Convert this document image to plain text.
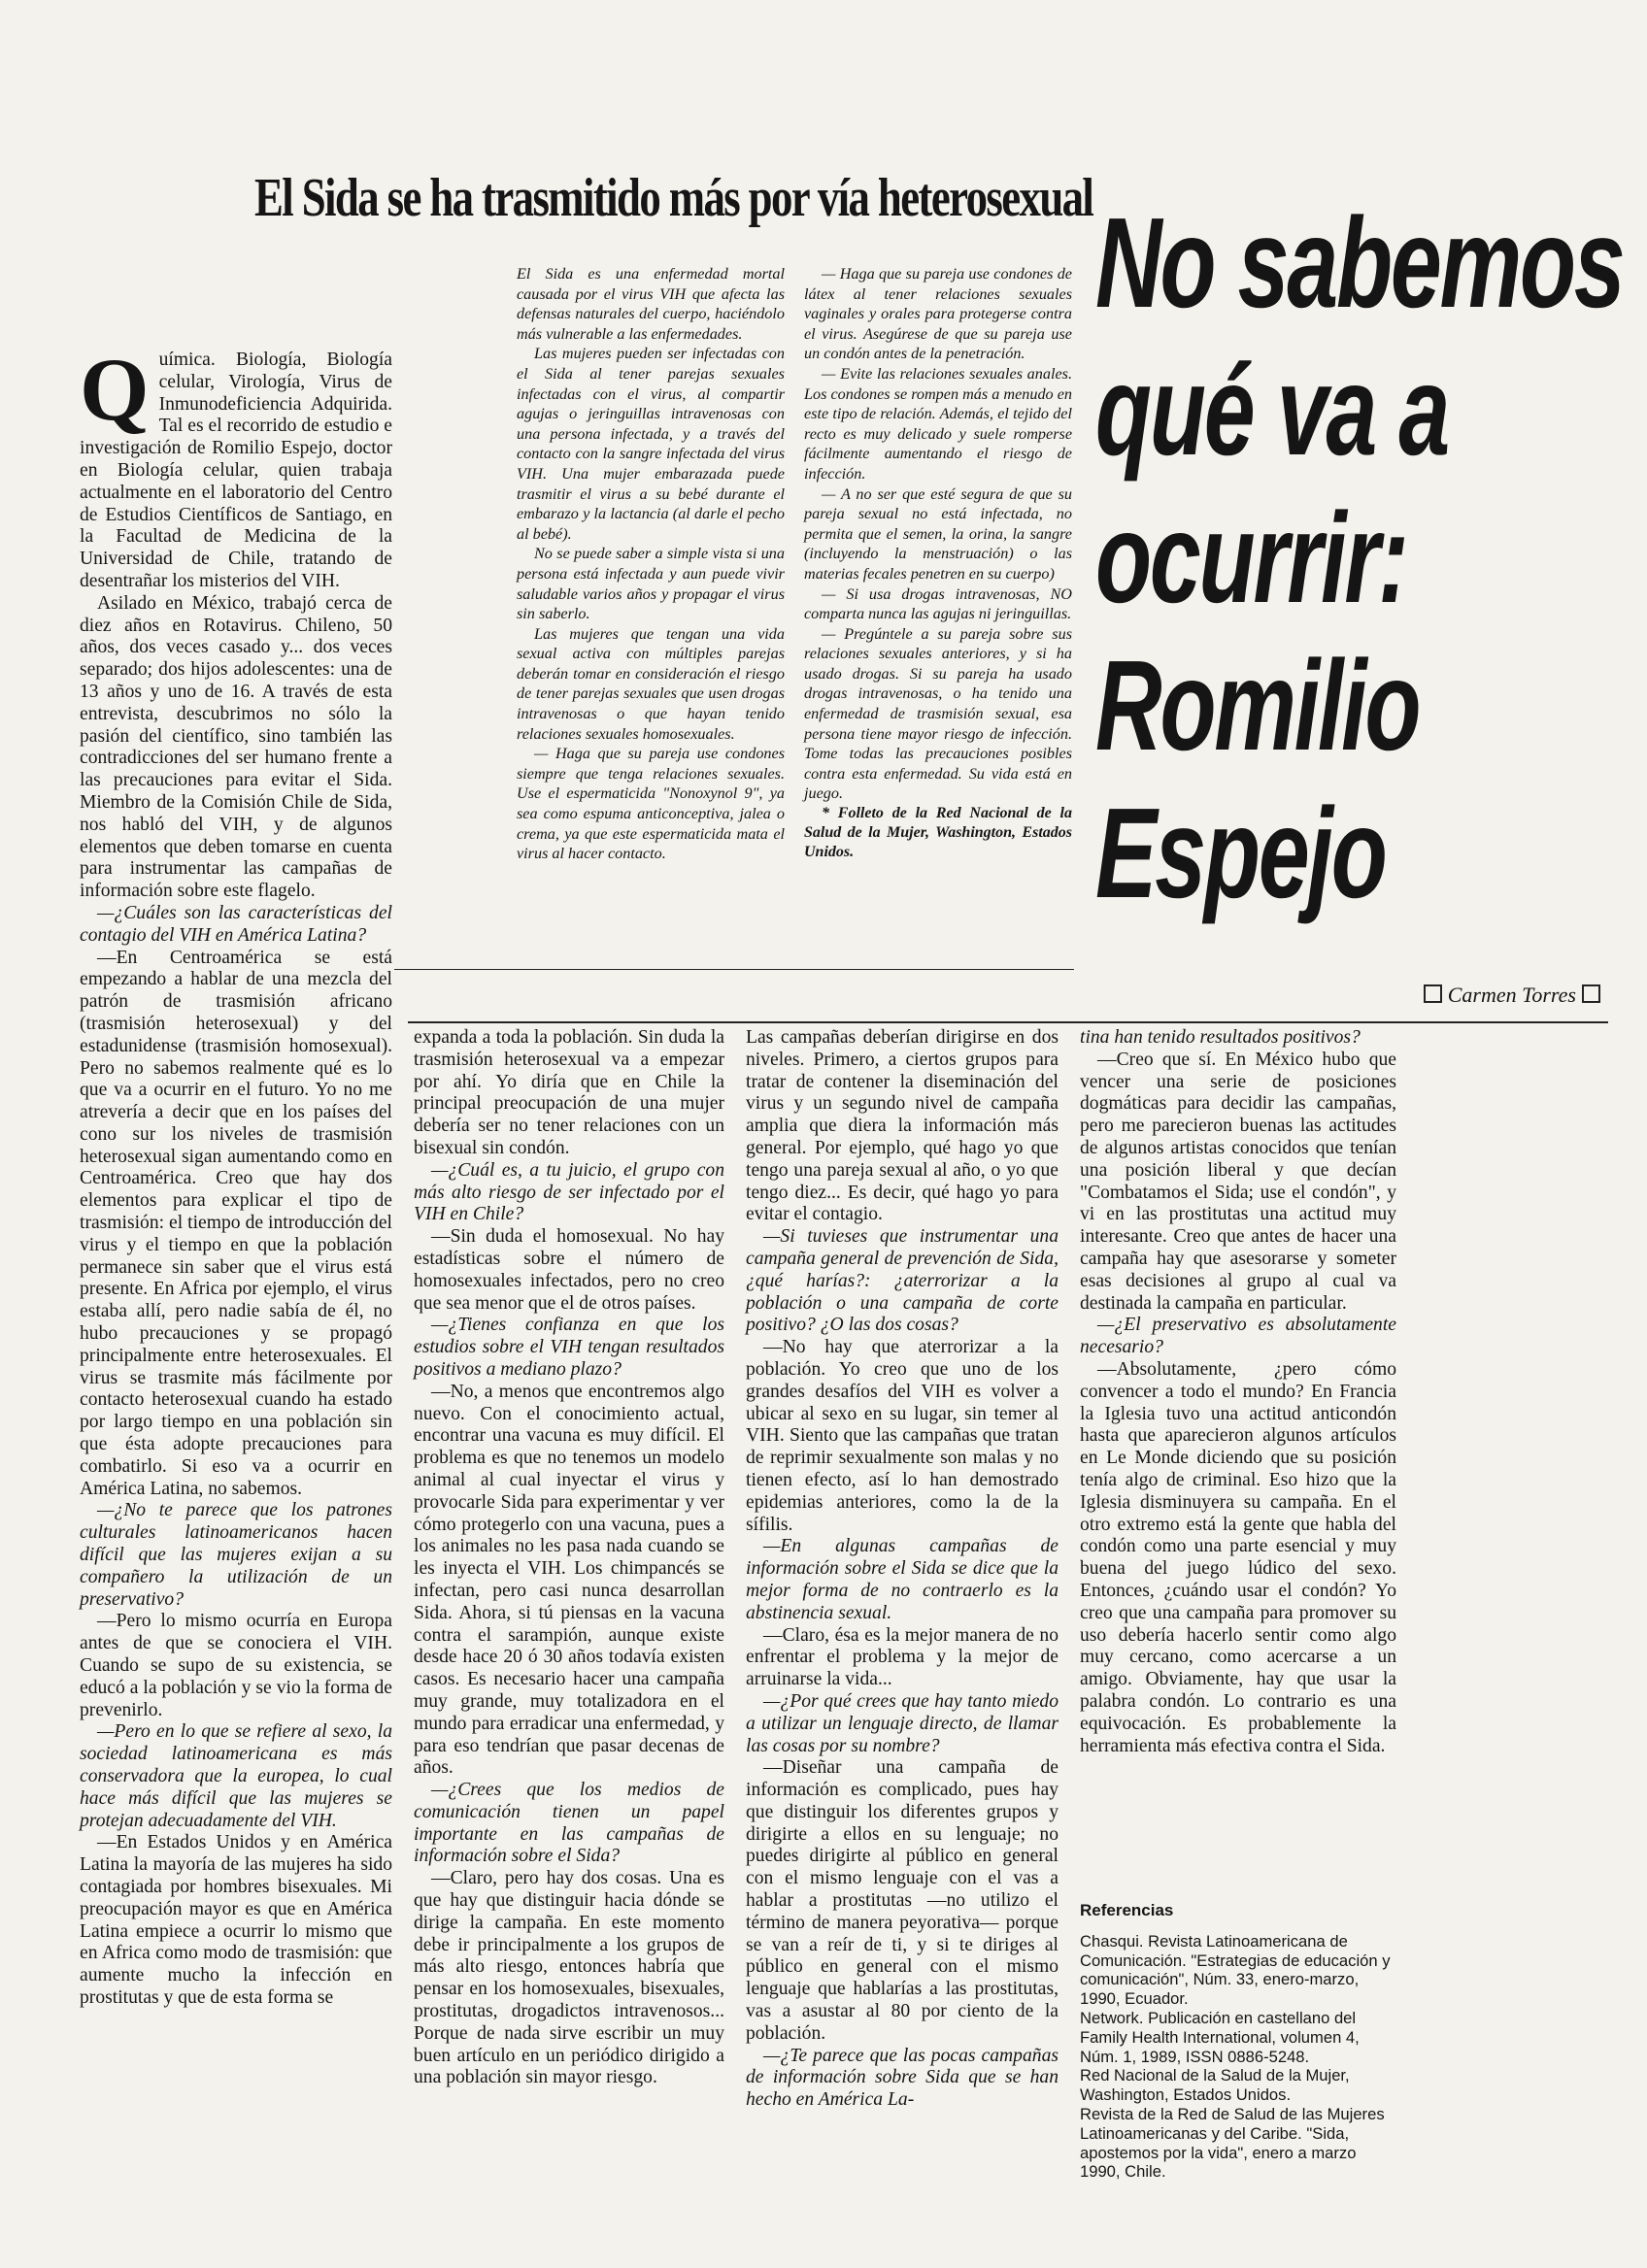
El Sida se ha trasmitido más por vía heterosexual No sabemos
qué va a
ocurrir:
Romilio
Espejo

Química. Biología, Biología celular, Virología, Virus de Inmunodeficiencia Adquirida. Tal es el recorrido de estudio e investigación de Romilio Espejo, doctor en Biología celular, quien trabaja actualmente en el laboratorio del Centro de Estudios Científicos de Santiago, en la Facultad de Medicina de la Universidad de Chile, tratando de desentrañar los misterios del VIH.

Asilado en México, trabajó cerca de diez años en Rotavirus. Chileno, 50 años, dos veces casado y... dos veces separado; dos hijos adolescentes: una de 13 años y uno de 16. A través de esta entrevista, descubrimos no sólo la pasión del científico, sino también las contradicciones del ser humano frente a las precauciones para evitar el Sida. Miembro de la Comisión Chile de Sida, nos habló del VIH, y de algunos elementos que deben tomarse en cuenta para instrumentar las campañas de información sobre este flagelo.

—¿Cuáles son las características del contagio del VIH en América Latina?

—En Centroamérica se está empezando a hablar de una mezcla del patrón de trasmisión africano (trasmisión heterosexual) y del estadunidense (trasmisión homosexual). Pero no sabemos realmente qué es lo que va a ocurrir en el futuro. Yo no me atrevería a decir que en los países del cono sur los niveles de trasmisión heterosexual sigan aumentando como en Centroamérica. Creo que hay dos elementos para explicar el tipo de trasmisión: el tiempo de introducción del virus y el tiempo en que la población permanece sin saber que el virus está presente. En Africa por ejemplo, el virus estaba allí, pero nadie sabía de él, no hubo precauciones y se propagó principalmente entre heterosexuales. El virus se trasmite más fácilmente por contacto heterosexual cuando ha estado por largo tiempo en una población sin que ésta adopte precauciones para combatirlo. Si eso va a ocurrir en América Latina, no sabemos.

—¿No te parece que los patrones culturales latinoamericanos hacen difícil que las mujeres exijan a su compañero la utilización de un preservativo?

—Pero lo mismo ocurría en Europa antes de que se conociera el VIH. Cuando se supo de su existencia, se educó a la población y se vio la forma de prevenirlo.

—Pero en lo que se refiere al sexo, la sociedad latinoamericana es más conservadora que la europea, lo cual hace más difícil que las mujeres se protejan adecuadamente del VIH.

—En Estados Unidos y en América Latina la mayoría de las mujeres ha sido contagiada por hombres bisexuales. Mi preocupación mayor es que en América Latina empiece a ocurrir lo mismo que en Africa como modo de trasmisión: que aumente mucho la infección en prostitutas y que de esta forma se

El Sida es una enfermedad mortal causada por el virus VIH que afecta las defensas naturales del cuerpo, haciéndolo más vulnerable a las enfermedades.

Las mujeres pueden ser infectadas con el Sida al tener parejas sexuales infectadas con el virus, al compartir agujas o jeringuillas intravenosas con una persona infectada, y a través del contacto con la sangre infectada del virus VIH. Una mujer embarazada puede trasmitir el virus a su bebé durante el embarazo y la lactancia (al darle el pecho al bebé).

No se puede saber a simple vista si una persona está infectada y aun puede vivir saludable varios años y propagar el virus sin saberlo.

Las mujeres que tengan una vida sexual activa con múltiples parejas deberán tomar en consideración el riesgo de tener parejas sexuales que usen drogas intravenosas o que hayan tenido relaciones sexuales homosexuales.

— Haga que su pareja use condones siempre que tenga relaciones sexuales. Use el espermaticida "Nonoxynol 9", ya sea como espuma anticonceptiva, jalea o crema, ya que este espermaticida mata el virus al hacer contacto.

— Haga que su pareja use condones de látex al tener relaciones sexuales vaginales y orales para protegerse contra el virus. Asegúrese de que su pareja use un condón antes de la penetración.

— Evite las relaciones sexuales anales. Los condones se rompen más a menudo en este tipo de relación. Además, el tejido del recto es muy delicado y suele romperse fácilmente aumentando el riesgo de infección.

— A no ser que esté segura de que su pareja sexual no está infectada, no permita que el semen, la orina, la sangre (incluyendo la menstruación) o las materias fecales penetren en su cuerpo)

— Si usa drogas intravenosas, NO comparta nunca las agujas ni jeringuillas.

— Pregúntele a su pareja sobre sus relaciones sexuales anteriores, y si ha usado drogas. Si su pareja ha usado drogas intravenosas, o ha tenido una enfermedad de trasmisión sexual, esa persona tiene mayor riesgo de infección. Tome todas las precauciones posibles contra esta enfermedad. Su vida está en juego.

* Folleto de la Red Nacional de la Salud de la Mujer, Washington, Estados Unidos.

Carmen Torres

expanda a toda la población. Sin duda la trasmisión heterosexual va a empezar por ahí. Yo diría que en Chile la principal preocupación de una mujer debería ser no tener relaciones con un bisexual sin condón.

—¿Cuál es, a tu juicio, el grupo con más alto riesgo de ser infectado por el VIH en Chile?

—Sin duda el homosexual. No hay estadísticas sobre el número de homosexuales infectados, pero no creo que sea menor que el de otros países.

—¿Tienes confianza en que los estudios sobre el VIH tengan resultados positivos a mediano plazo?

—No, a menos que encontremos algo nuevo. Con el conocimiento actual, encontrar una vacuna es muy difícil. El problema es que no tenemos un modelo animal al cual inyectar el virus y provocarle Sida para experimentar y ver cómo protegerlo con una vacuna, pues a los animales no les pasa nada cuando se les inyecta el VIH. Los chimpancés se infectan, pero casi nunca desarrollan Sida. Ahora, si tú piensas en la vacuna contra el sarampión, aunque existe desde hace 20 ó 30 años todavía existen casos. Es necesario hacer una campaña muy grande, muy totalizadora en el mundo para erradicar una enfermedad, y para eso tendrían que pasar decenas de años.

—¿Crees que los medios de comunicación tienen un papel importante en las campañas de información sobre el Sida?

—Claro, pero hay dos cosas. Una es que hay que distinguir hacia dónde se dirige la campaña. En este momento debe ir principalmente a los grupos de más alto riesgo, entonces habría que pensar en los homosexuales, bisexuales, prostitutas, drogadictos intravenosos... Porque de nada sirve escribir un muy buen artículo en un periódico dirigido a una población sin mayor riesgo.

Las campañas deberían dirigirse en dos niveles. Primero, a ciertos grupos para tratar de contener la diseminación del virus y un segundo nivel de campaña amplia que diera la información más general. Por ejemplo, qué hago yo que tengo una pareja sexual al año, o yo que tengo diez... Es decir, qué hago yo para evitar el contagio.

—Si tuvieses que instrumentar una campaña general de prevención de Sida, ¿qué harías?: ¿aterrorizar a la población o una campaña de corte positivo? ¿O las dos cosas?

—No hay que aterrorizar a la población. Yo creo que uno de los grandes desafíos del VIH es volver a ubicar al sexo en su lugar, sin temer al VIH. Siento que las campañas que tratan de reprimir sexualmente son malas y no tienen efecto, así lo han demostrado epidemias anteriores, como la de la sífilis.

—En algunas campañas de información sobre el Sida se dice que la mejor forma de no contraerlo es la abstinencia sexual.

—Claro, ésa es la mejor manera de no enfrentar el problema y la mejor de arruinarse la vida...

—¿Por qué crees que hay tanto miedo a utilizar un lenguaje directo, de llamar las cosas por su nombre?

—Diseñar una campaña de información es complicado, pues hay que distinguir los diferentes grupos y dirigirte a ellos en su lenguaje; no puedes dirigirte al público en general con el mismo lenguaje con el vas a hablar a prostitutas —no utilizo el término de manera peyorativa— porque se van a reír de ti, y si te diriges al público en general con el mismo lenguaje que hablarías a las prostitutas, vas a asustar al 80 por ciento de la población.

—¿Te parece que las pocas campañas de información sobre Sida que se han hecho en América La-

tina han tenido resultados positivos?

—Creo que sí. En México hubo que vencer una serie de posiciones dogmáticas para decidir las campañas, pero me parecieron buenas las actitudes de algunos artistas conocidos que tenían una posición liberal y que decían "Combatamos el Sida; use el condón", y vi en las prostitutas una actitud muy interesante. Creo que antes de hacer una campaña hay que asesorarse y someter esas decisiones al grupo al cual va destinada la campaña en particular.

—¿El preservativo es absolutamente necesario?

—Absolutamente, ¿pero cómo convencer a todo el mundo? En Francia la Iglesia tuvo una actitud anticondón hasta que aparecieron algunos artículos en Le Monde diciendo que su posición tenía algo de criminal. Eso hizo que la Iglesia disminuyera su campaña. En el otro extremo está la gente que habla del condón como una parte esencial y muy buena del juego lúdico del sexo. Entonces, ¿cuándo usar el condón? Yo creo que una campaña para promover su uso debería hacerlo sentir como algo muy cercano, como acercarse a un amigo. Obviamente, hay que usar la palabra condón. Lo contrario es una equivocación. Es probablemente la herramienta más efectiva contra el Sida.

Referencias

Chasqui. Revista Latinoamericana de Comunicación. "Estrategias de educación y comunicación", Núm. 33, enero-marzo, 1990, Ecuador.

Network. Publicación en castellano del Family Health International, volumen 4, Núm. 1, 1989, ISSN 0886-5248.

Red Nacional de la Salud de la Mujer, Washington, Estados Unidos.

Revista de la Red de Salud de las Mujeres Latinoamericanas y del Caribe. "Sida, apostemos por la vida", enero a marzo 1990, Chile.
